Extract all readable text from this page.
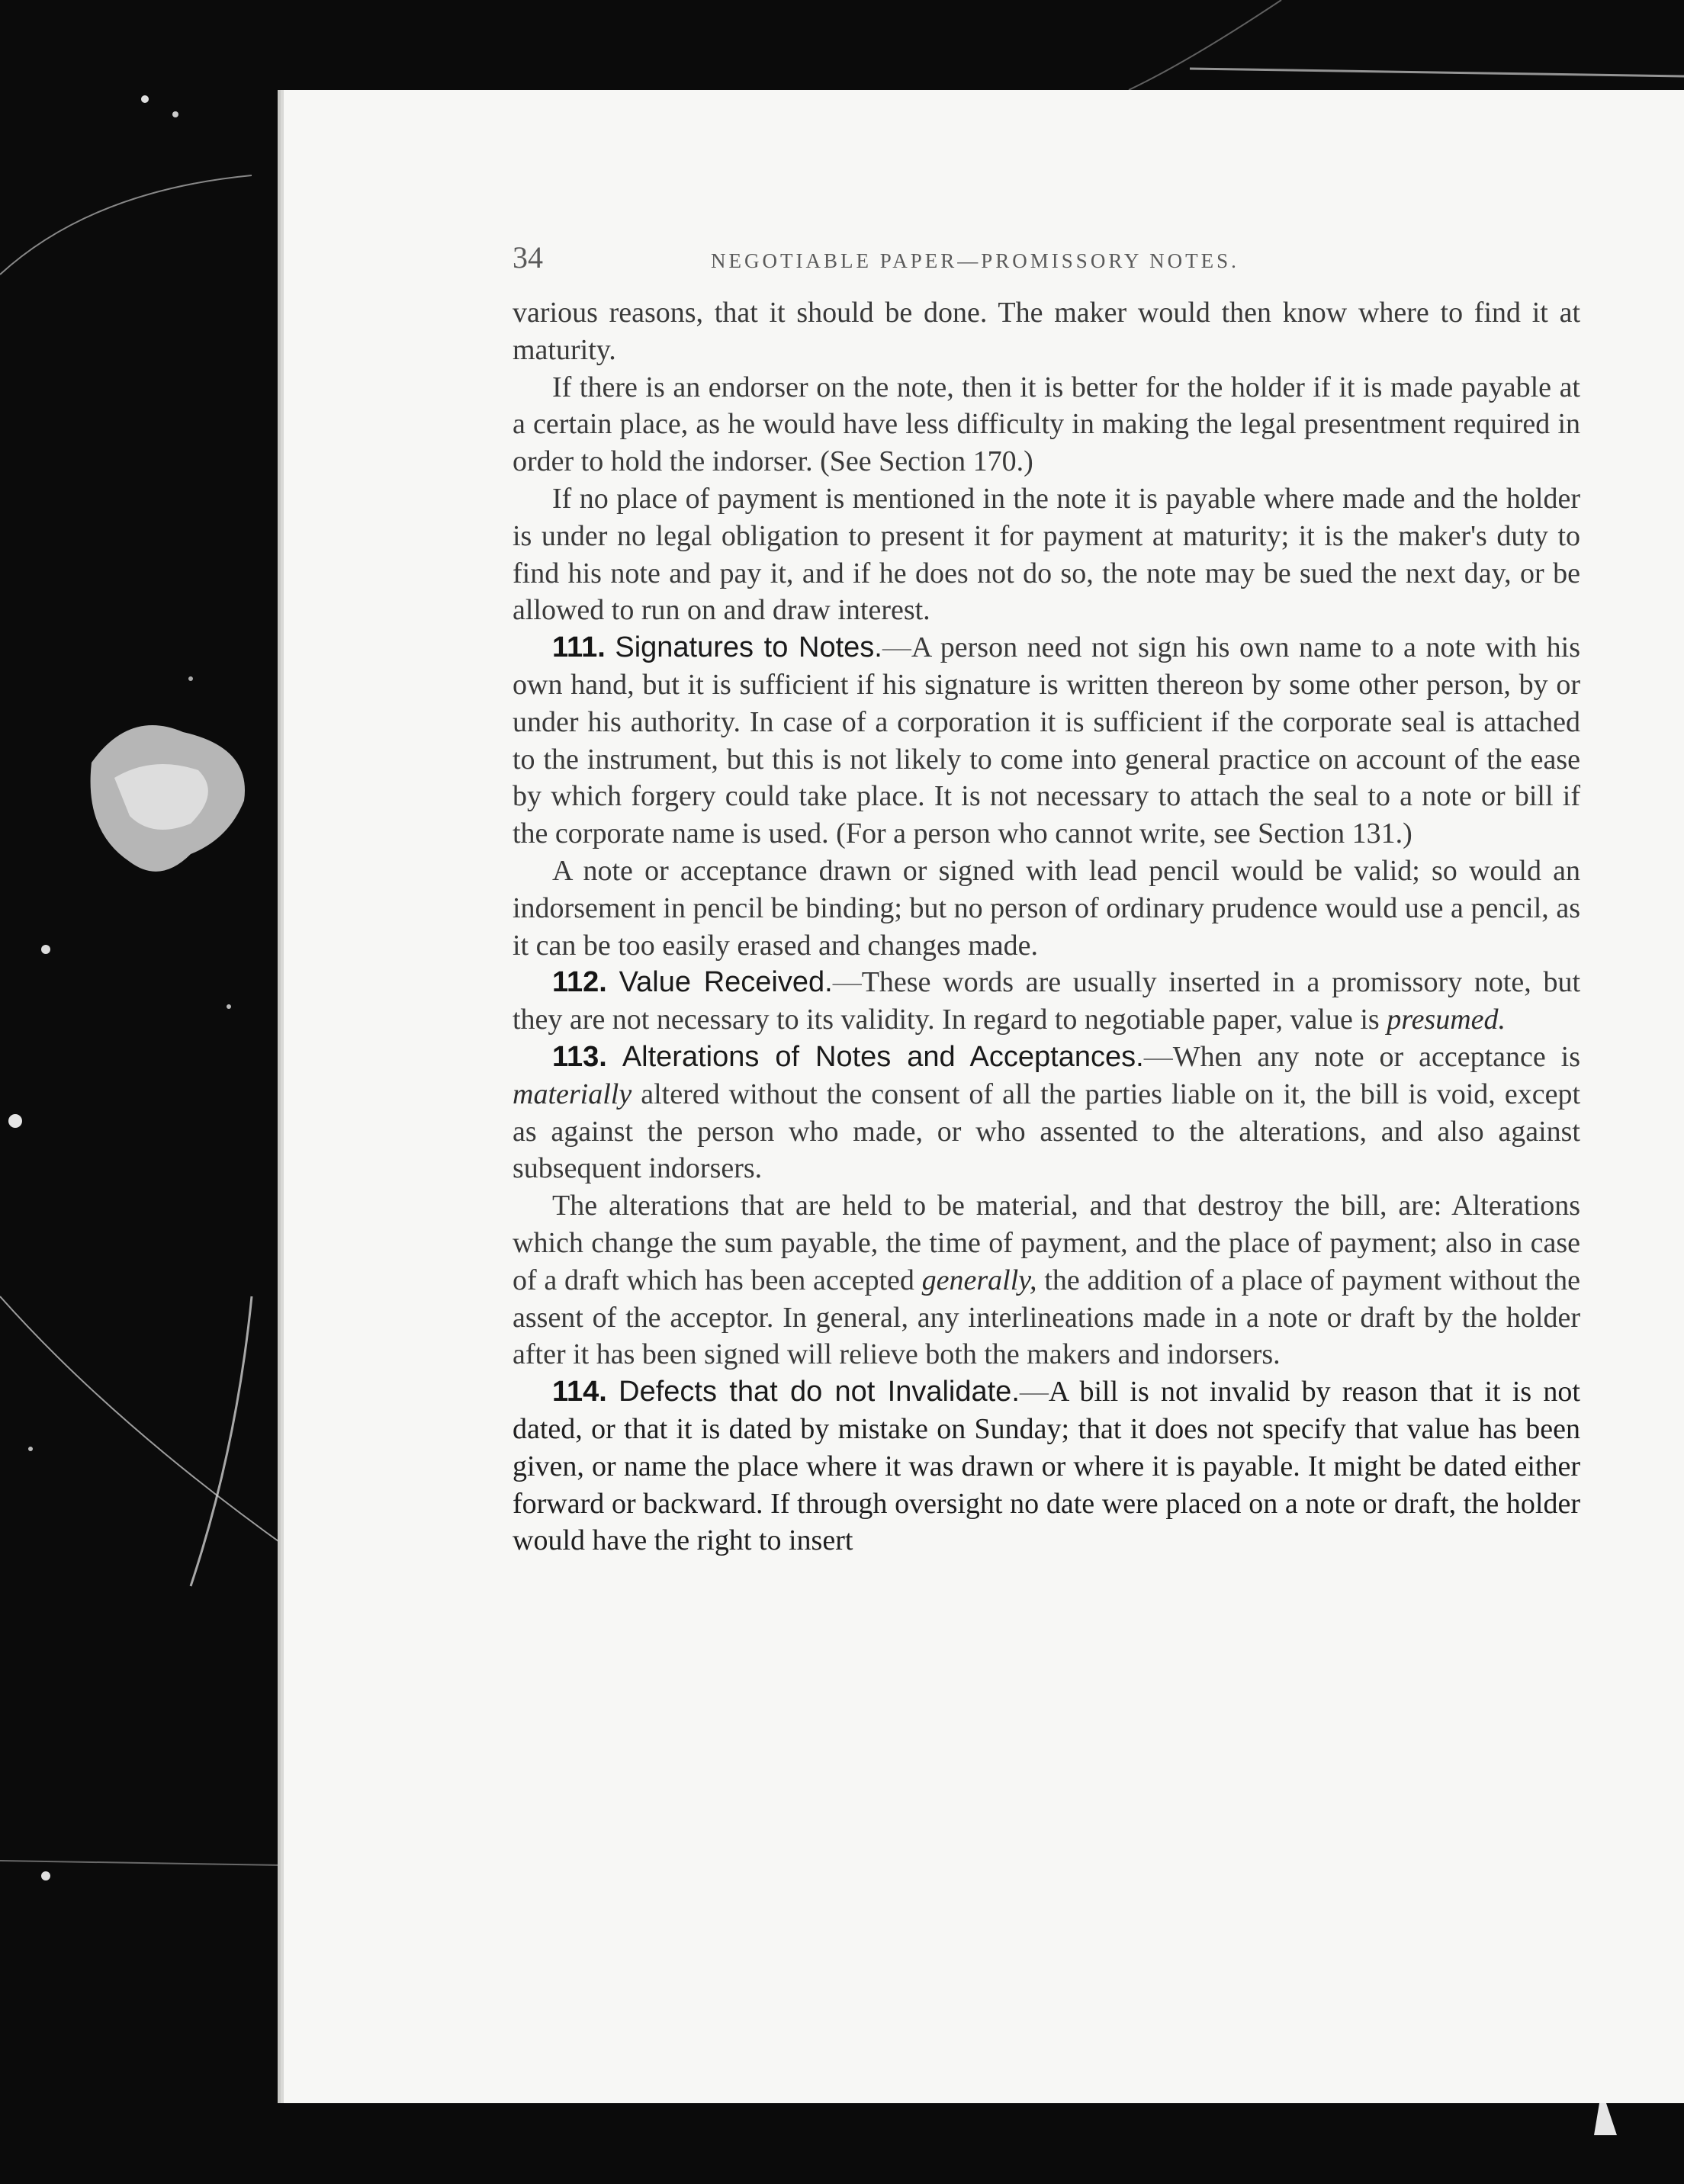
34	NEGOTIABLE PAPER—PROMISSORY NOTES.

various reasons, that it should be done. The maker would then know where to find it at maturity.

If there is an endorser on the note, then it is better for the holder if it is made payable at a certain place, as he would have less difficulty in making the legal presentment required in order to hold the indorser. (See Section 170.)

If no place of payment is mentioned in the note it is payable where made and the holder is under no legal obligation to present it for payment at maturity; it is the maker's duty to find his note and pay it, and if he does not do so, the note may be sued the next day, or be allowed to run on and draw interest.

111. Signatures to Notes.—A person need not sign his own name to a note with his own hand, but it is sufficient if his signature is written thereon by some other person, by or under his authority. In case of a corporation it is sufficient if the corporate seal is attached to the instrument, but this is not likely to come into general practice on account of the ease by which forgery could take place. It is not necessary to attach the seal to a note or bill if the corporate name is used. (For a person who cannot write, see Section 131.)

A note or acceptance drawn or signed with lead pencil would be valid; so would an indorsement in pencil be binding; but no person of ordinary prudence would use a pencil, as it can be too easily erased and changes made.

112. Value Received.—These words are usually inserted in a promissory note, but they are not necessary to its validity. In regard to negotiable paper, value is presumed.

113. Alterations of Notes and Acceptances.—When any note or acceptance is materially altered without the consent of all the parties liable on it, the bill is void, except as against the person who made, or who assented to the alterations, and also against subsequent indorsers.

The alterations that are held to be material, and that destroy the bill, are: Alterations which change the sum payable, the time of payment, and the place of payment; also in case of a draft which has been accepted generally, the addition of a place of payment without the assent of the acceptor. In general, any interlineations made in a note or draft by the holder after it has been signed will relieve both the makers and indorsers.

114. Defects that do not Invalidate.—A bill is not invalid by reason that it is not dated, or that it is dated by mistake on Sunday; that it does not specify that value has been given, or name the place where it was drawn or where it is payable. It might be dated either forward or backward. If through oversight no date were placed on a note or draft, the holder would have the right to insert
